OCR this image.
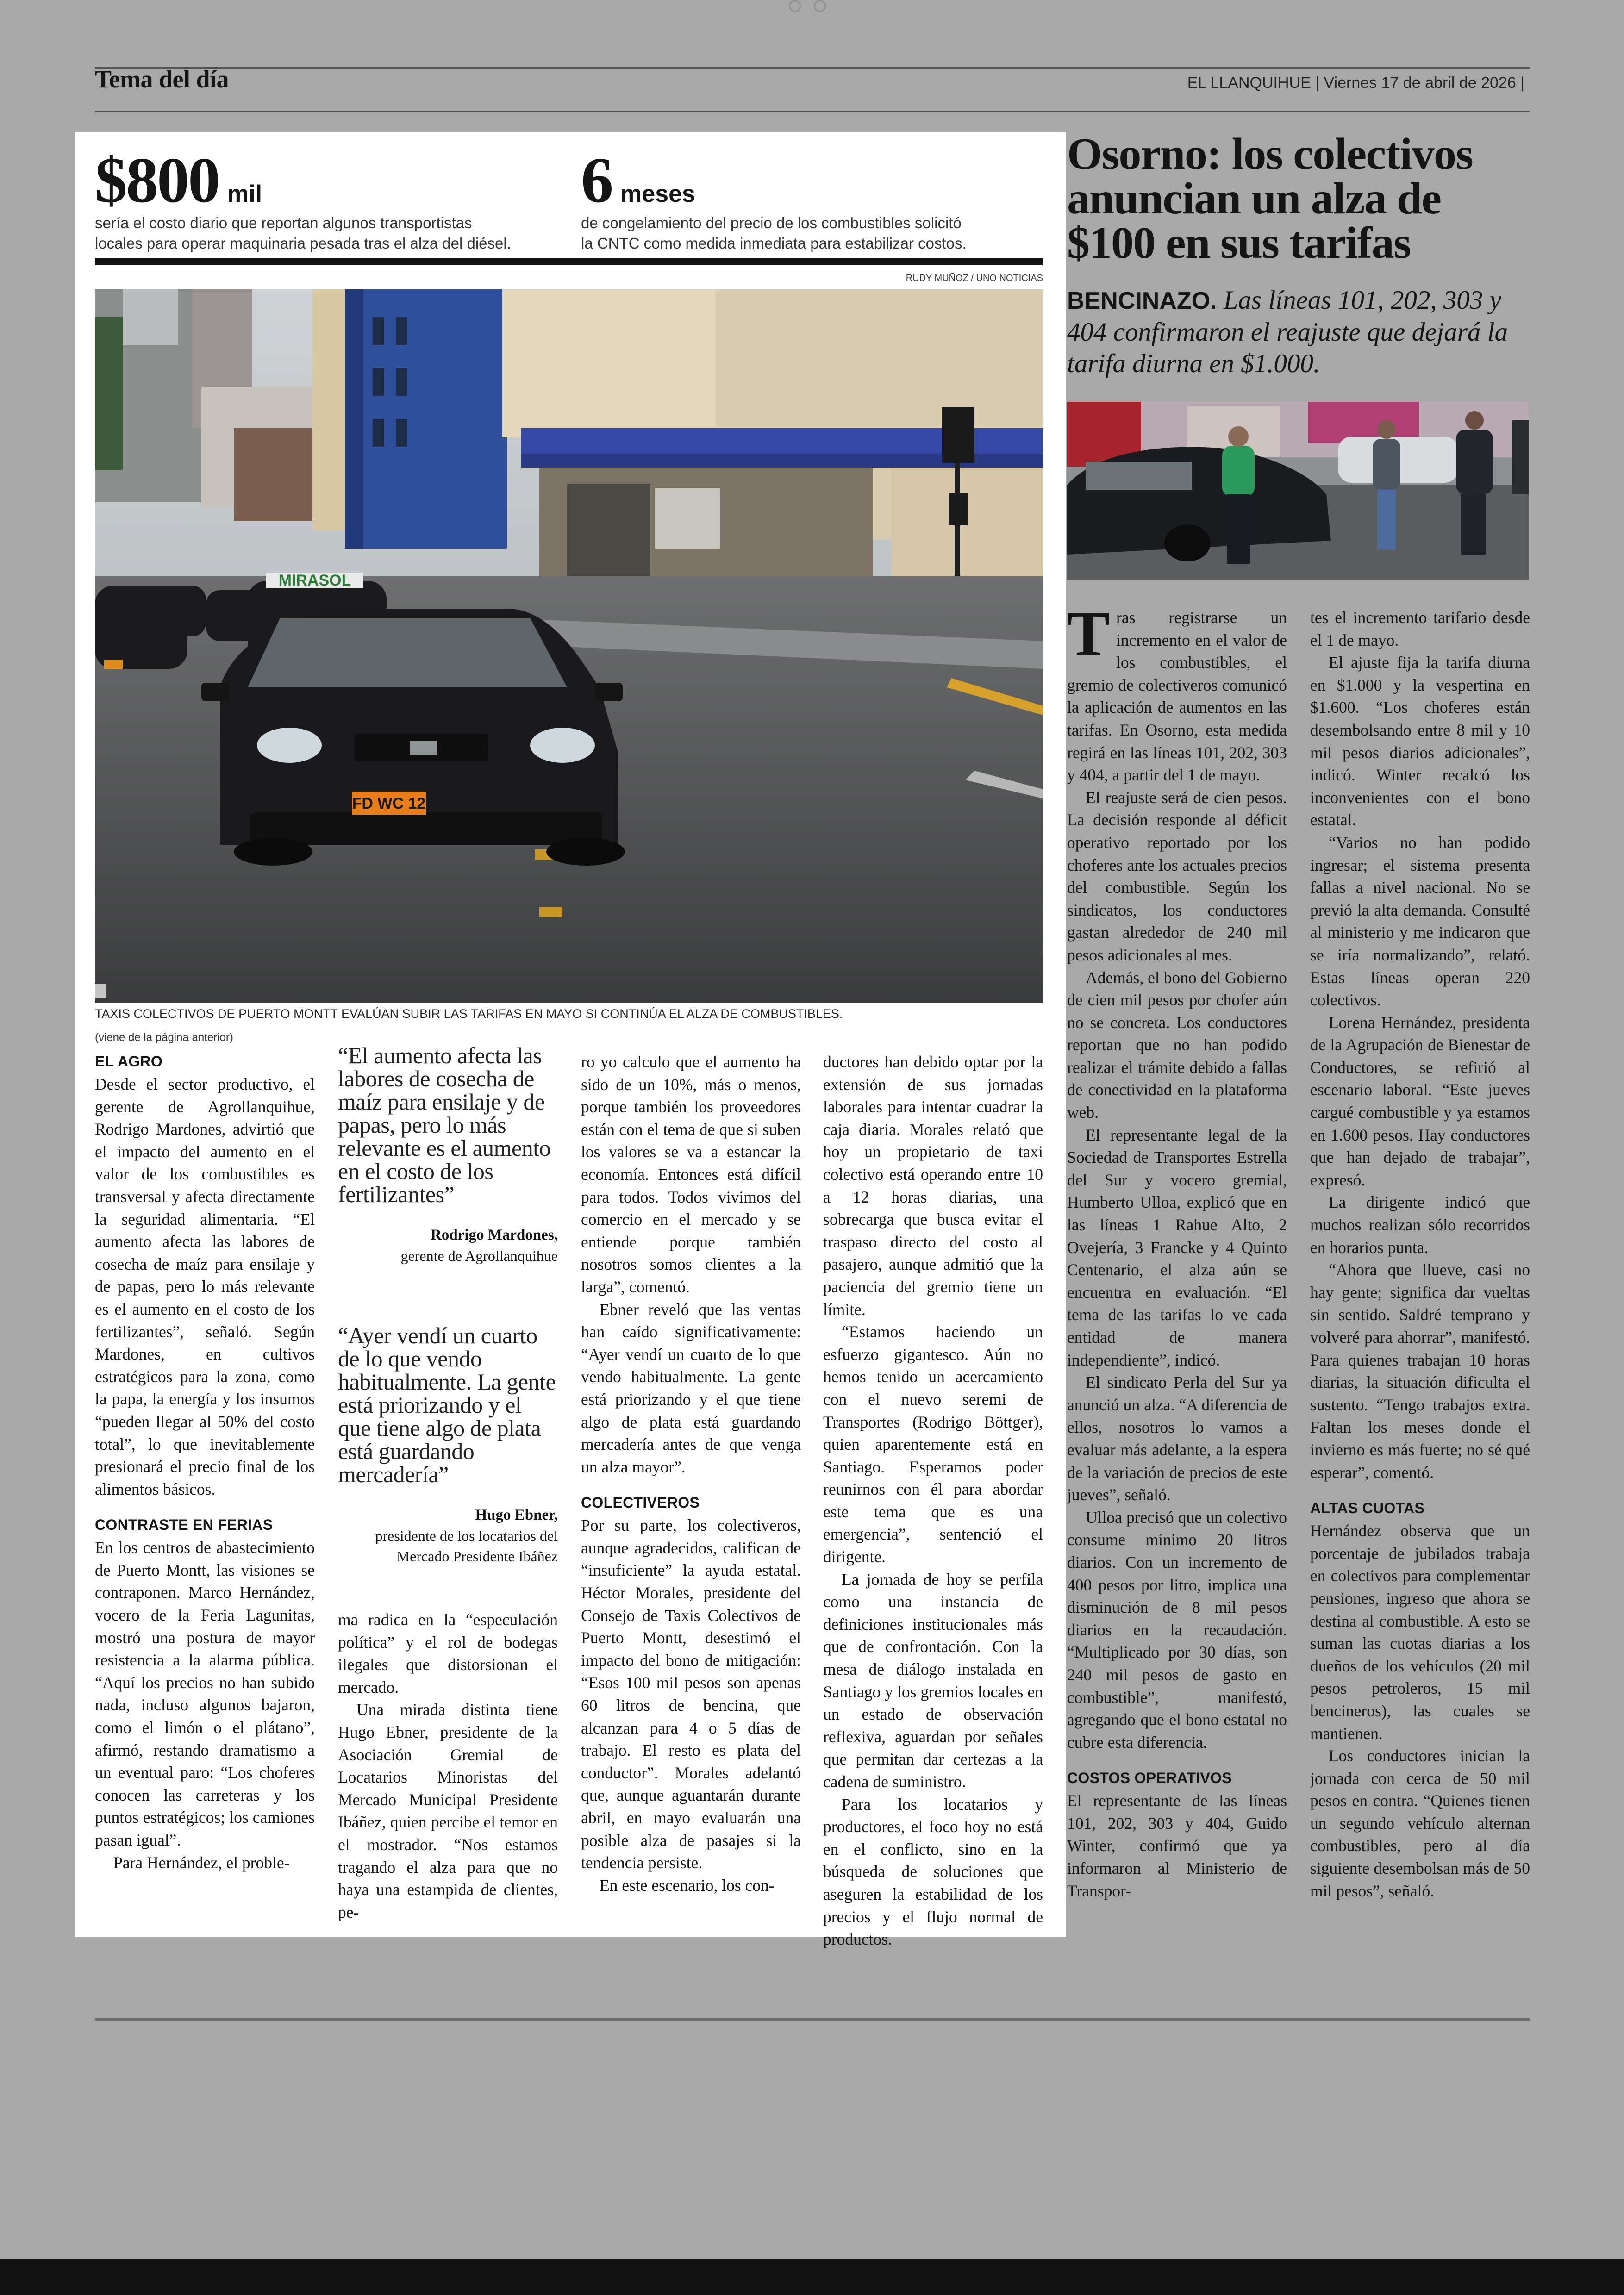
Tema del día	EL LLANQUIHUE | Viernes 17 de abril de 2026 |
$800 mil
sería el costo diario que reportan algunos transportistas
locales para operar maquinaria pesada tras el alza del diésel.
6 meses
de congelamiento del precio de los combustibles solicitó
la CNTC como medida inmediata para estabilizar costos.
RUDY MUÑOZ / UNO NOTICIAS
MIRASOL
FD WC 12
TAXIS COLECTIVOS DE PUERTO MONTT EVALÚAN SUBIR LAS TARIFAS EN MAYO SI CONTINÚA EL ALZA DE COMBUSTIBLES.
(viene de la página anterior)
EL AGRO

Desde el sector productivo, el gerente de Agrollanquihue, Rodrigo Mardones, advirtió que el impacto del aumento en el valor de los combustibles es transversal y afecta directamente la seguridad alimentaria. “El aumento afecta las labores de cosecha de maíz para ensilaje y de papas, pero lo más relevante es el aumento en el costo de los fertilizantes”, señaló. Según Mardones, en cultivos estratégicos para la zona, como la papa, la energía y los insumos “pueden llegar al 50% del costo total”, lo que inevitablemente presionará el precio final de los alimentos básicos.

CONTRASTE EN FERIAS

En los centros de abastecimiento de Puerto Montt, las visiones se contraponen. Marco Hernández, vocero de la Feria Lagunitas, mostró una postura de mayor resistencia a la alarma pública. “Aquí los precios no han subido nada, incluso algunos bajaron, como el limón o el plátano”, afirmó, restando dramatismo a un eventual paro: “Los choferes conocen las carreteras y los puntos estratégicos; los camiones pasan igual”.

Para Hernández, el proble-

“El aumento afecta las labores de cosecha de maíz para ensilaje y de papas, pero lo más relevante es el aumento en el costo de los fertilizantes”
Rodrigo Mardones,
gerente de Agrollanquihue
“Ayer vendí un cuarto de lo que vendo habitualmente. La gente está priorizando y el que tiene algo de plata está guardando mercadería”
Hugo Ebner,
presidente de los locatarios del Mercado Presidente Ibáñez

ma radica en la “especulación política” y el rol de bodegas ilegales que distorsionan el mercado.

Una mirada distinta tiene Hugo Ebner, presidente de la Asociación Gremial de Locatarios Minoristas del Mercado Municipal Presidente Ibáñez, quien percibe el temor en el mostrador. “Nos estamos tragando el alza para que no haya una estampida de clientes, pe-

ro yo calculo que el aumento ha sido de un 10%, más o menos, porque también los proveedores están con el tema de que si suben los valores se va a estancar la economía. Entonces está difícil para todos. Todos vivimos del comercio en el mercado y se entiende porque también nosotros somos clientes a la larga”, comentó.

Ebner reveló que las ventas han caído significativamente: “Ayer vendí un cuarto de lo que vendo habitualmente. La gente está priorizando y el que tiene algo de plata está guardando mercadería antes de que venga un alza mayor”.

COLECTIVEROS

Por su parte, los colectiveros, aunque agradecidos, califican de “insuficiente” la ayuda estatal. Héctor Morales, presidente del Consejo de Taxis Colectivos de Puerto Montt, desestimó el impacto del bono de mitigación: “Esos 100 mil pesos son apenas 60 litros de bencina, que alcanzan para 4 o 5 días de trabajo. El resto es plata del conductor”. Morales adelantó que, aunque aguantarán durante abril, en mayo evaluarán una posible alza de pasajes si la tendencia persiste.

En este escenario, los con-

ductores han debido optar por la extensión de sus jornadas laborales para intentar cuadrar la caja diaria. Morales relató que hoy un propietario de taxi colectivo está operando entre 10 a 12 horas diarias, una sobrecarga que busca evitar el traspaso directo del costo al pasajero, aunque admitió que la paciencia del gremio tiene un límite.

“Estamos haciendo un esfuerzo gigantesco. Aún no hemos tenido un acercamiento con el nuevo seremi de Transportes (Rodrigo Böttger), quien aparentemente está en Santiago. Esperamos poder reunirnos con él para abordar este tema que es una emergencia”, sentenció el dirigente.

La jornada de hoy se perfila como una instancia de definiciones institucionales más que de confrontación. Con la mesa de diálogo instalada en Santiago y los gremios locales en un estado de observación reflexiva, aguardan por señales que permitan dar certezas a la cadena de suministro.

Para los locatarios y productores, el foco hoy no está en el conflicto, sino en la búsqueda de soluciones que aseguren la estabilidad de los precios y el flujo normal de productos.

Osorno: los colectivos anuncian un alza de $100 en sus tarifas
BENCINAZO. Las líneas 101, 202, 303 y 404 confirmaron el reajuste que dejará la tarifa diurna en $1.000.
T ras registrarse un incremento en el valor de los combustibles, el gremio de colectiveros comunicó la aplicación de aumentos en las tarifas. En Osorno, esta medida regirá en las líneas 101, 202, 303 y 404, a partir del 1 de mayo.

El reajuste será de cien pesos. La decisión responde al déficit operativo reportado por los choferes ante los actuales precios del combustible. Según los sindicatos, los conductores gastan alrededor de 240 mil pesos adicionales al mes.

Además, el bono del Gobierno de cien mil pesos por chofer aún no se concreta. Los conductores reportan que no han podido realizar el trámite debido a fallas de conectividad en la plataforma web.

El representante legal de la Sociedad de Transportes Estrella del Sur y vocero gremial, Humberto Ulloa, explicó que en las líneas 1 Rahue Alto, 2 Ovejería, 3 Francke y 4 Quinto Centenario, el alza aún se encuentra en evaluación. “El tema de las tarifas lo ve cada entidad de manera independiente”, indicó.

El sindicato Perla del Sur ya anunció un alza. “A diferencia de ellos, nosotros lo vamos a evaluar más adelante, a la espera de la variación de precios de este jueves”, señaló.

Ulloa precisó que un colectivo consume mínimo 20 litros diarios. Con un incremento de 400 pesos por litro, implica una disminución de 8 mil pesos diarios en la recaudación. “Multiplicado por 30 días, son 240 mil pesos de gasto en combustible”, manifestó, agregando que el bono estatal no cubre esta diferencia.

COSTOS OPERATIVOS

El representante de las líneas 101, 202, 303 y 404, Guido Winter, confirmó que ya informaron al Ministerio de Transpor-

tes el incremento tarifario desde el 1 de mayo.

El ajuste fija la tarifa diurna en $1.000 y la vespertina en $1.600. “Los choferes están desembolsando entre 8 mil y 10 mil pesos diarios adicionales”, indicó. Winter recalcó los inconvenientes con el bono estatal.

“Varios no han podido ingresar; el sistema presenta fallas a nivel nacional. No se previó la alta demanda. Consulté al ministerio y me indicaron que se iría normalizando”, relató. Estas líneas operan 220 colectivos.

Lorena Hernández, presidenta de la Agrupación de Bienestar de Conductores, se refirió al escenario laboral. “Este jueves cargué combustible y ya estamos en 1.600 pesos. Hay conductores que han dejado de trabajar”, expresó.

La dirigente indicó que muchos realizan sólo recorridos en horarios punta.

“Ahora que llueve, casi no hay gente; significa dar vueltas sin sentido. Saldré temprano y volveré para ahorrar”, manifestó. Para quienes trabajan 10 horas diarias, la situación dificulta el sustento. “Tengo trabajos extra. Faltan los meses donde el invierno es más fuerte; no sé qué esperar”, comentó.

ALTAS CUOTAS

Hernández observa que un porcentaje de jubilados trabaja en colectivos para complementar pensiones, ingreso que ahora se destina al combustible. A esto se suman las cuotas diarias a los dueños de los vehículos (20 mil pesos petroleros, 15 mil bencineros), las cuales se mantienen.

Los conductores inician la jornada con cerca de 50 mil pesos en contra. “Quienes tienen un segundo vehículo alternan combustibles, pero al día siguiente desembolsan más de 50 mil pesos”, señaló.
